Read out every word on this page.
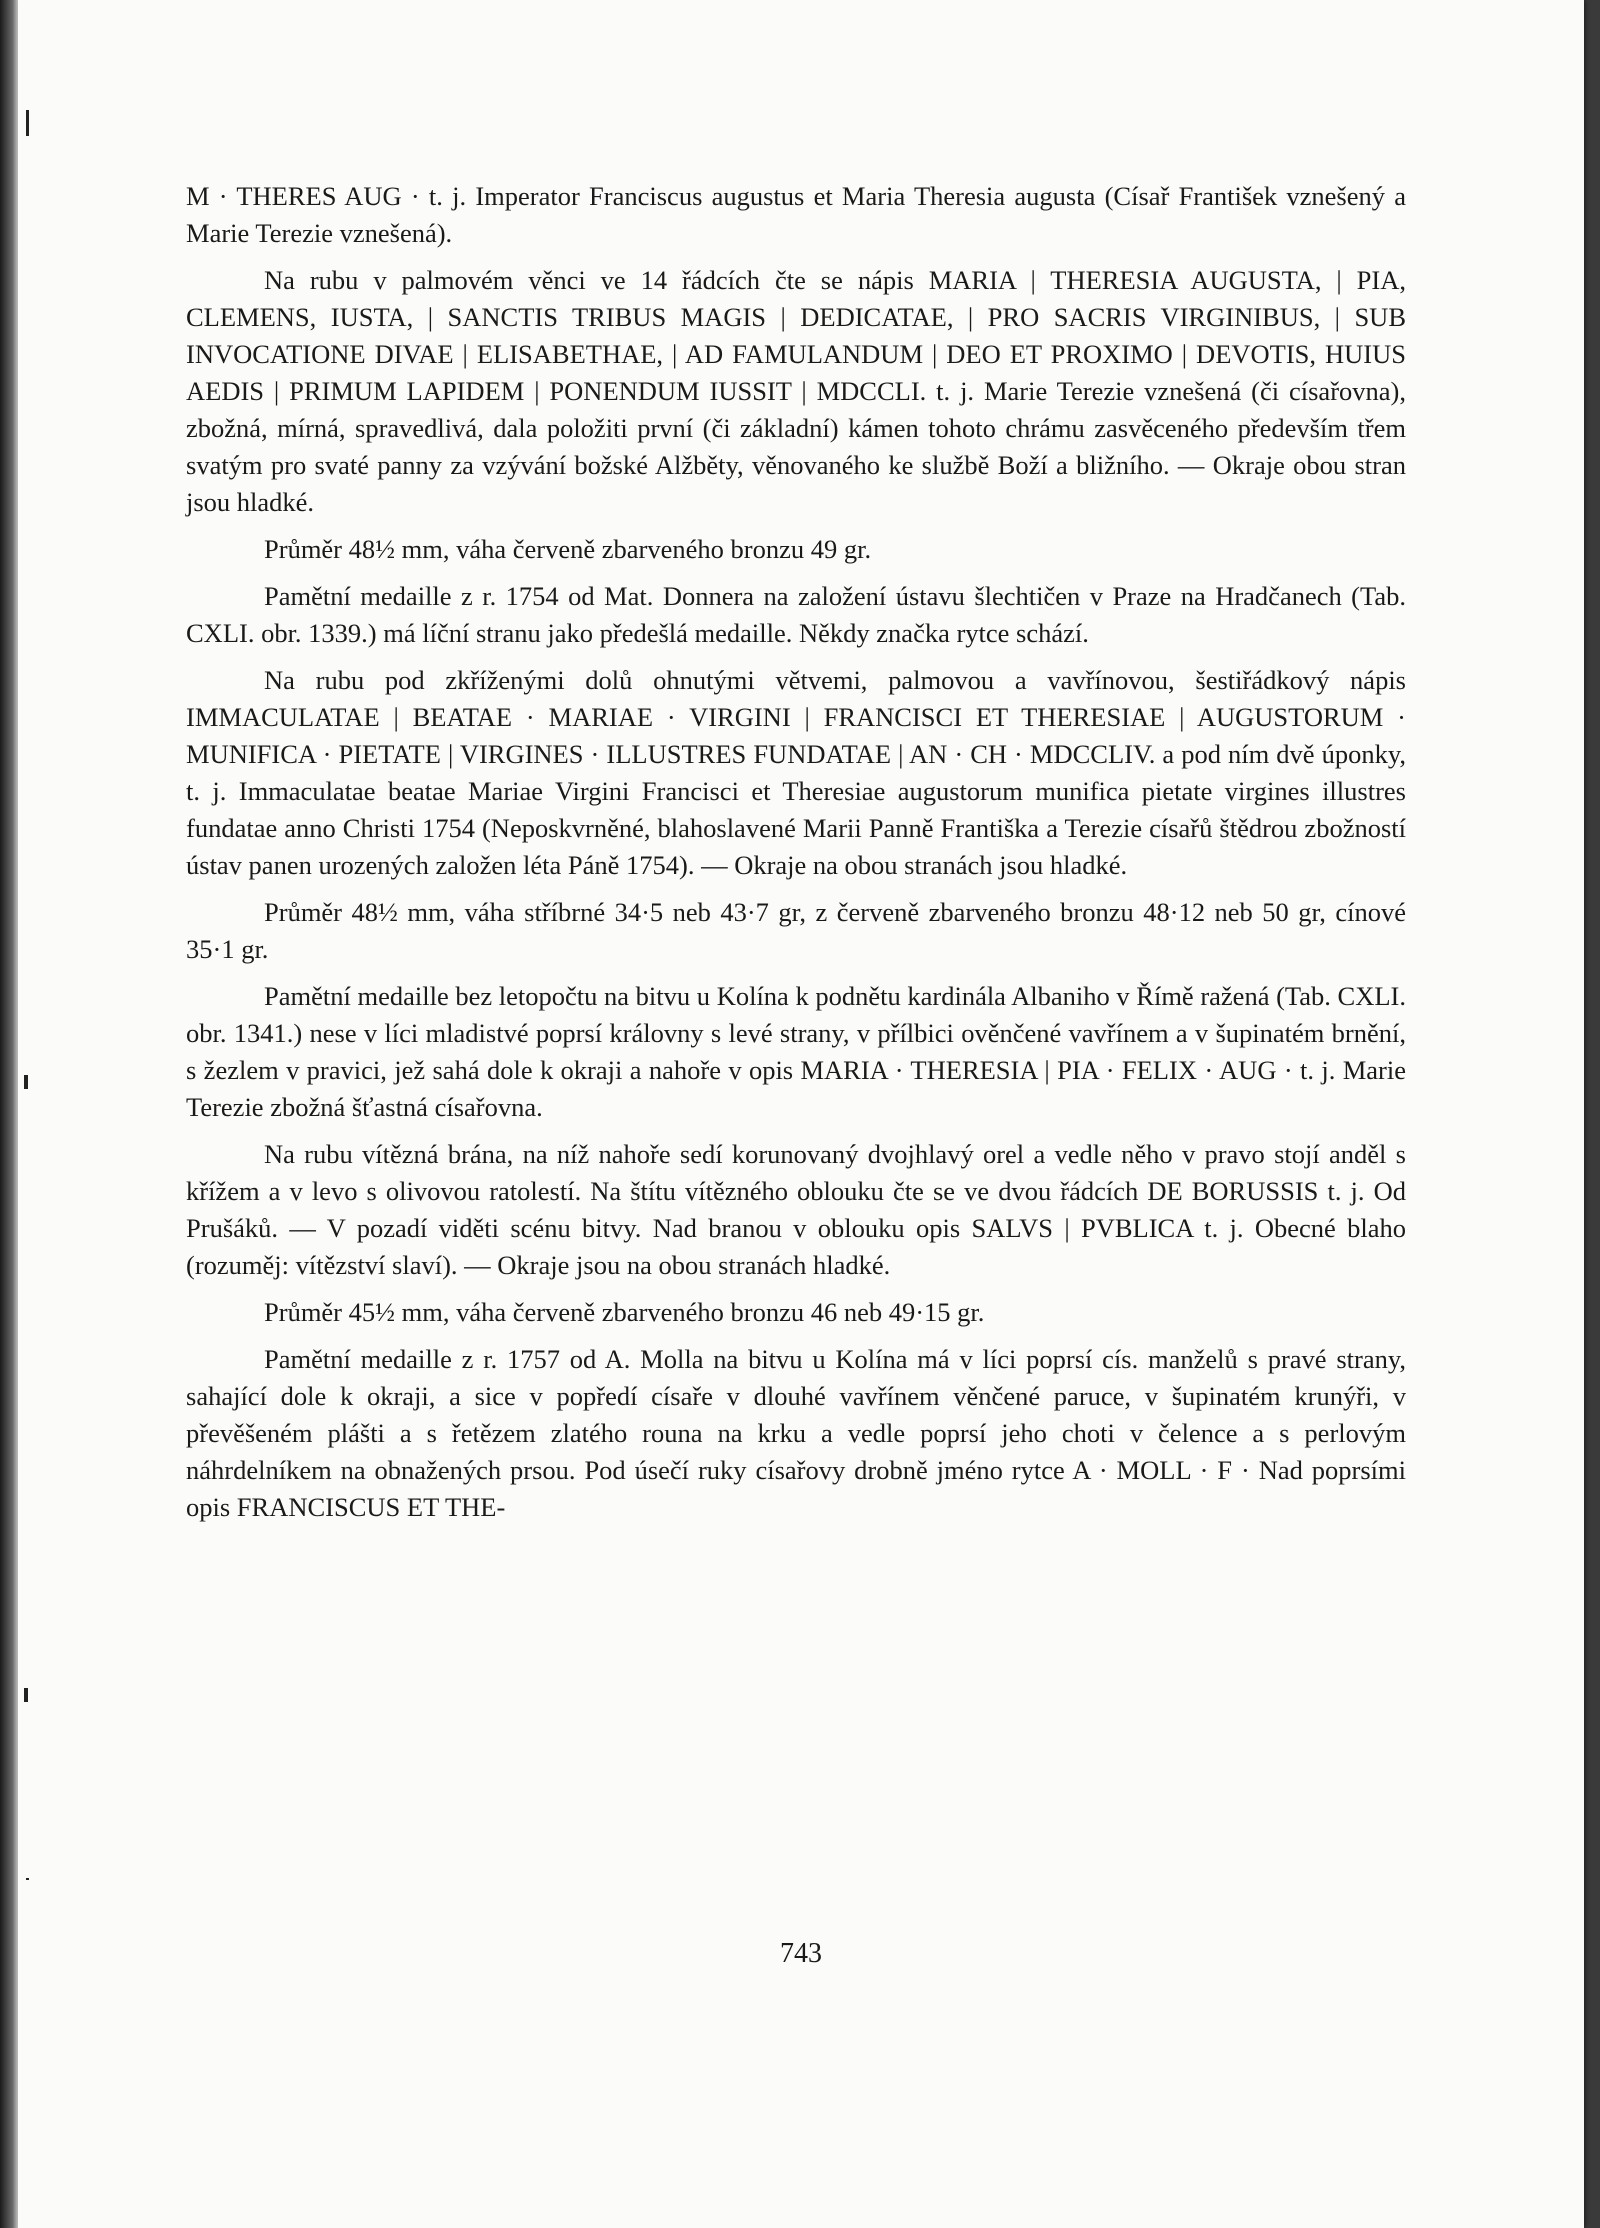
M · THERES AUG · t. j. Imperator Franciscus augustus et Maria Theresia augusta (Císař František vznešený a Marie Terezie vznešená).

Na rubu v palmovém věnci ve 14 řádcích čte se nápis MARIA | THERESIA AUGUSTA, | PIA, CLEMENS, IUSTA, | SANCTIS TRIBUS MAGIS | DEDICATAE, | PRO SACRIS VIRGINIBUS, | SUB INVOCATIONE DIVAE | ELISABETHAE, | AD FAMULANDUM | DEO ET PROXIMO | DEVOTIS, HUIUS AEDIS | PRIMUM LAPIDEM | PONENDUM IUSSIT | MDCCLI. t. j. Marie Terezie vznešená (či císařovna), zbožná, mírná, spravedlivá, dala položiti první (či základní) kámen tohoto chrámu zasvěceného především třem svatým pro svaté panny za vzývání božské Alžběty, věnovaného ke službě Boží a bližního. — Okraje obou stran jsou hladké.

Průměr 48½ mm, váha červeně zbarveného bronzu 49 gr.

Pamětní medaille z r. 1754 od Mat. Donnera na založení ústavu šlechtičen v Praze na Hradčanech (Tab. CXLI. obr. 1339.) má líční stranu jako předešlá medaille. Někdy značka rytce schází.

Na rubu pod zkříženými dolů ohnutými větvemi, palmovou a vavřínovou, šestiřádkový nápis IMMACULATAE | BEATAE · MARIAE · VIRGINI | FRANCISCI ET THERESIAE | AUGUSTORUM · MUNIFICA · PIETATE | VIRGINES · ILLUSTRES FUNDATAE | AN · CH · MDCCLIV. a pod ním dvě úponky, t. j. Immaculatae beatae Mariae Virgini Francisci et Theresiae augustorum munifica pietate virgines illustres fundatae anno Christi 1754 (Neposkvrněné, blahoslavené Marii Panně Františka a Terezie císařů štědrou zbožností ústav panen urozených založen léta Páně 1754). — Okraje na obou stranách jsou hladké.

Průměr 48½ mm, váha stříbrné 34·5 neb 43·7 gr, z červeně zbarveného bronzu 48·12 neb 50 gr, cínové 35·1 gr.

Pamětní medaille bez letopočtu na bitvu u Kolína k podnětu kardinála Albaniho v Římě ražená (Tab. CXLI. obr. 1341.) nese v líci mladistvé poprsí královny s levé strany, v přílbici ověnčené vavřínem a v šupinatém brnění, s žezlem v pravici, jež sahá dole k okraji a nahoře v opis MARIA · THERESIA | PIA · FELIX · AUG · t. j. Marie Terezie zbožná šťastná císařovna.

Na rubu vítězná brána, na níž nahoře sedí korunovaný dvojhlavý orel a vedle něho v pravo stojí anděl s křížem a v levo s olivovou ratolestí. Na štítu vítězného oblouku čte se ve dvou řádcích DE BORUSSIS t. j. Od Prušáků. — V pozadí viděti scénu bitvy. Nad branou v oblouku opis SALVS | PVBLICA t. j. Obecné blaho (rozuměj: vítězství slaví). — Okraje jsou na obou stranách hladké.

Průměr 45½ mm, váha červeně zbarveného bronzu 46 neb 49·15 gr.

Pamětní medaille z r. 1757 od A. Molla na bitvu u Kolína má v líci poprsí cís. manželů s pravé strany, sahající dole k okraji, a sice v popředí císaře v dlouhé vavřínem věnčené paruce, v šupinatém krunýři, v převěšeném plášti a s řetězem zlatého rouna na krku a vedle poprsí jeho choti v čelence a s perlovým náhrdelníkem na obnažených prsou. Pod úsečí ruky císařovy drobně jméno rytce A · MOLL · F · Nad poprsími opis FRANCISCUS ET THE-

743
